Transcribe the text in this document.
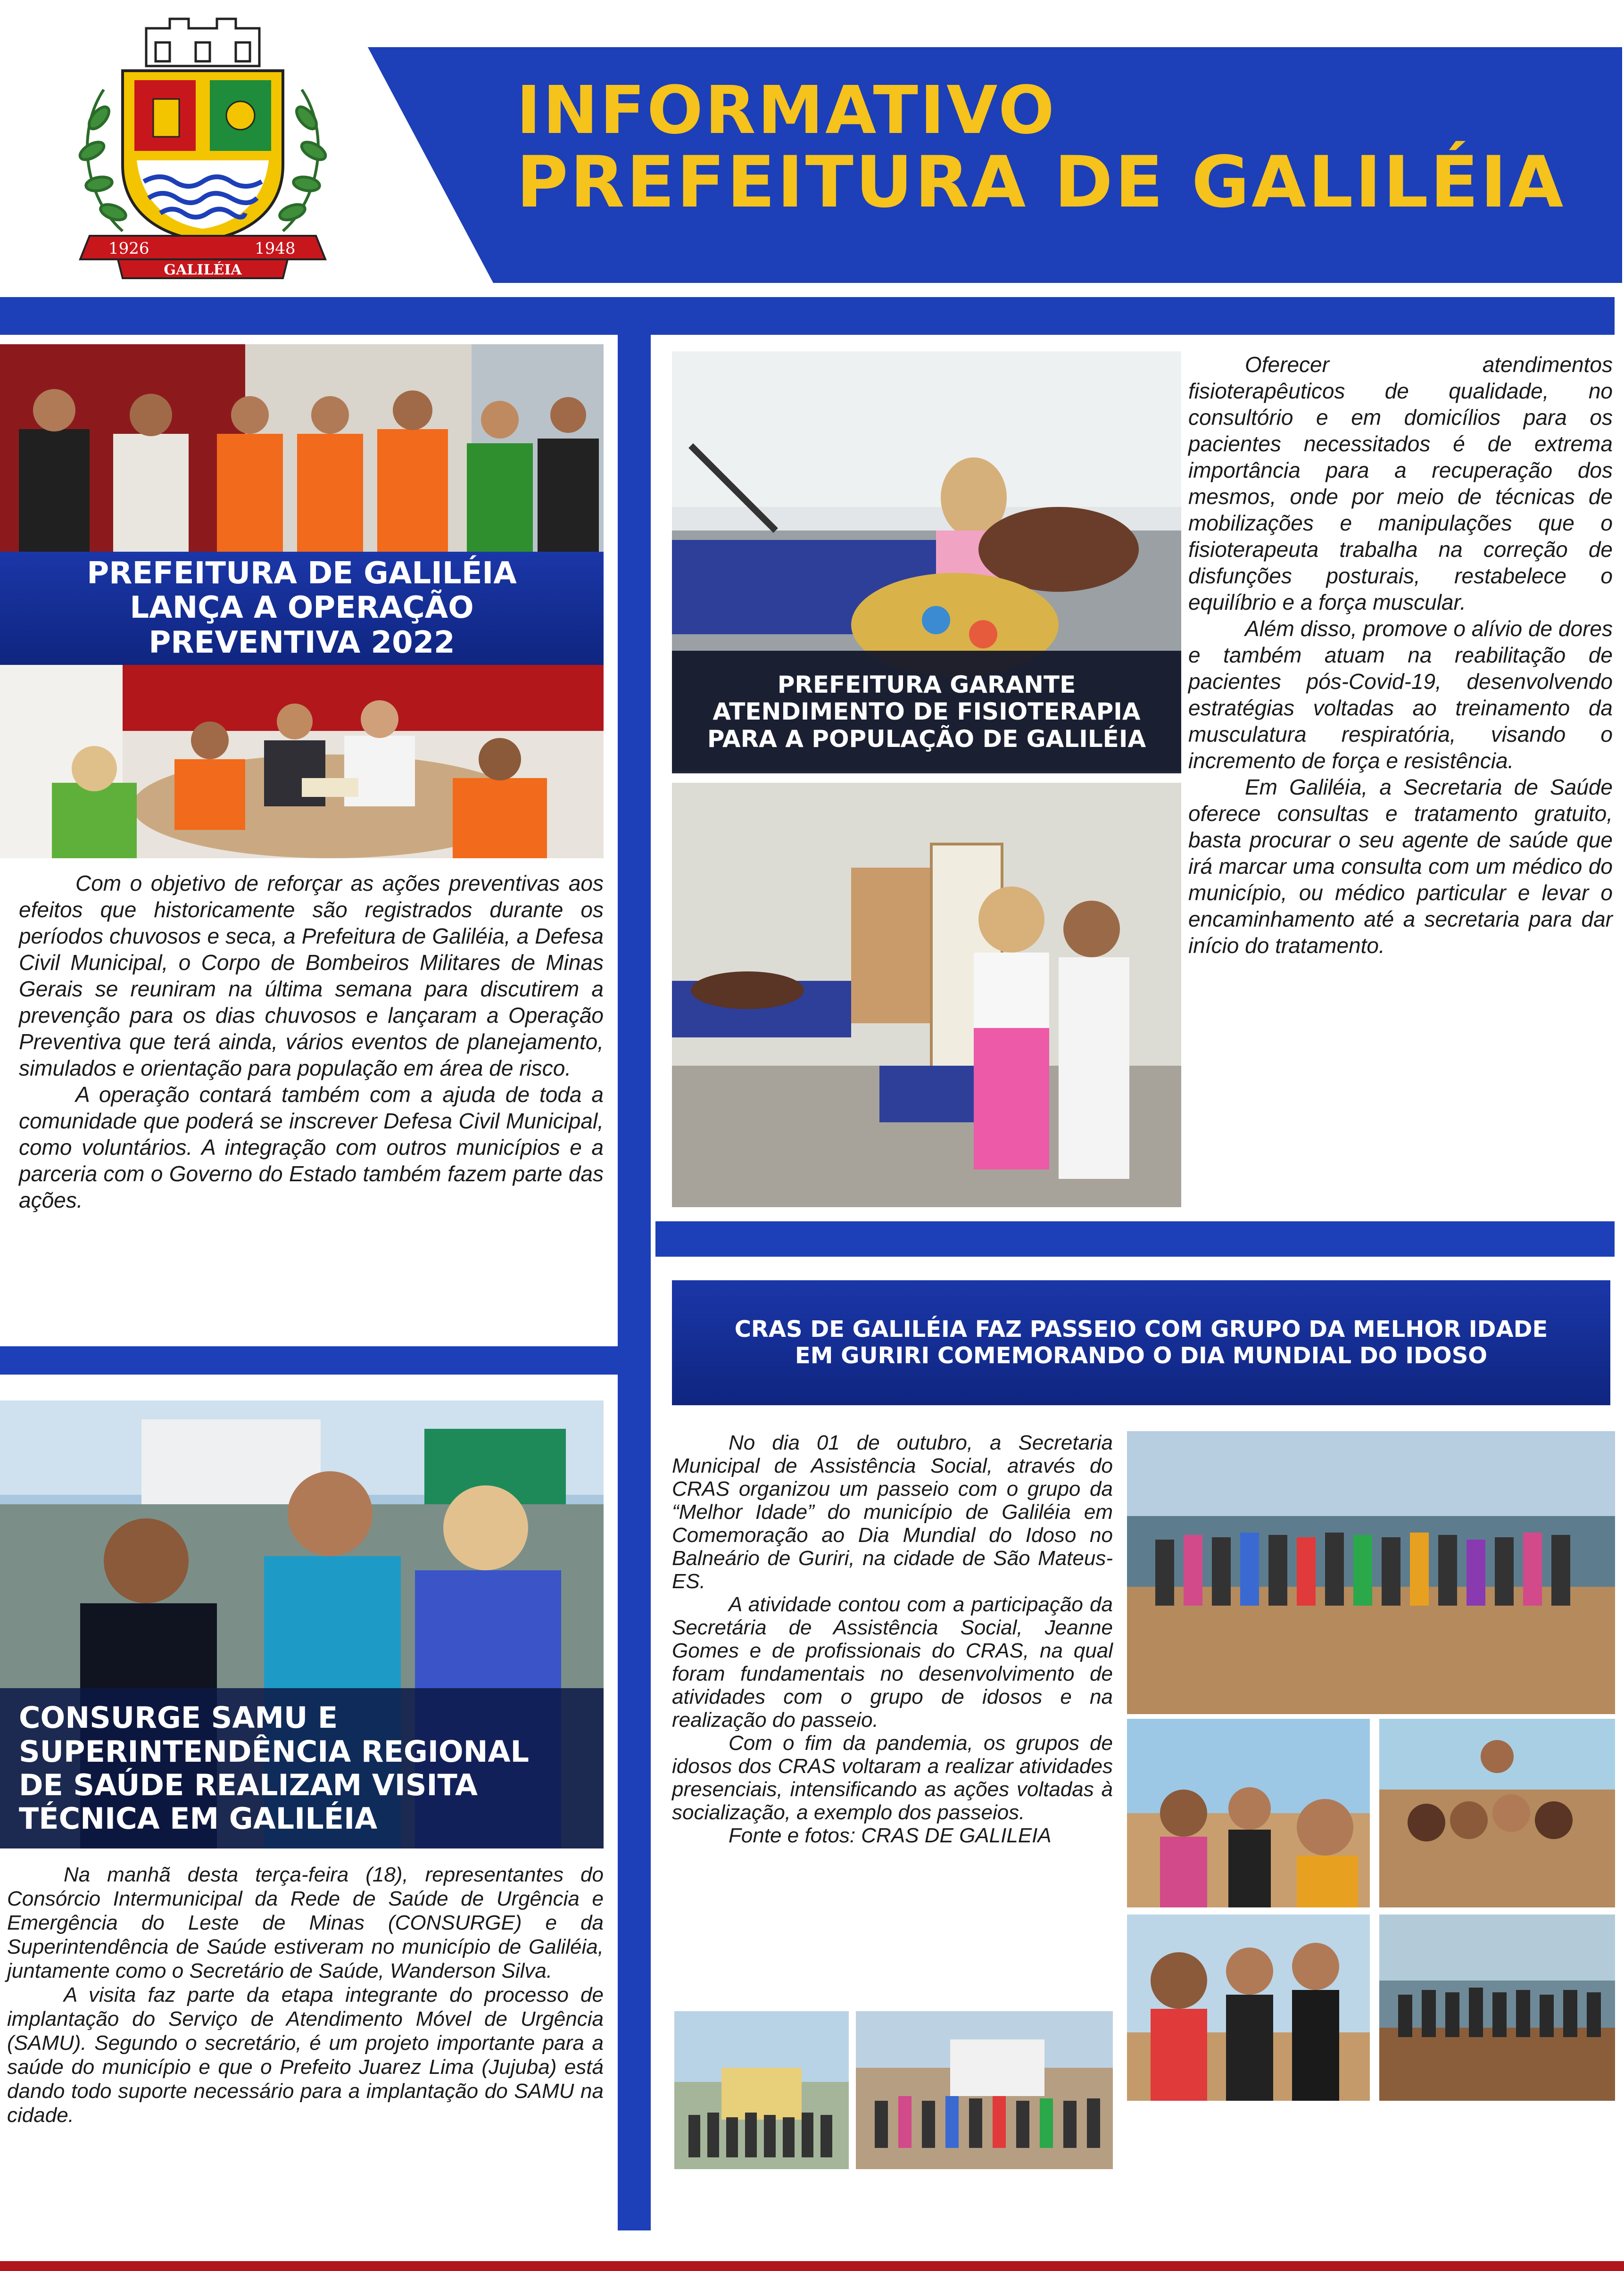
1926	1948
GALILÉIA
INFORMATIVO
PREFEITURA DE GALILÉIA
PREFEITURA DE GALILÉIA
LANÇA A OPERAÇÃO
PREVENTIVA 2022

Com o objetivo de reforçar as ações preventivas aos efeitos que historicamente são registrados durante os períodos chuvosos e seca, a Prefeitura de Galiléia, a Defesa Civil Municipal, o Corpo de Bombeiros Militares de Minas Gerais se reuniram na última semana para discutirem a prevenção para os dias chuvosos e lançaram a Operação Preventiva que terá ainda, vários eventos de planejamento, simulados e orientação para população em área de risco.

A operação contará também com a ajuda de toda a comunidade que poderá se inscrever Defesa Civil Municipal, como voluntários. A integração com outros municípios e a parceria com o Governo do Estado também fazem parte das ações.

PREFEITURA GARANTE
ATENDIMENTO DE FISIOTERAPIA
PARA A POPULAÇÃO DE GALILÉIA

Oferecer atendimentos fisioterapêuticos de qualidade, no consultório e em domicílios para os pacientes necessitados é de extrema importância para a recuperação dos mesmos, onde por meio de técnicas de mobilizações e manipulações que o fisioterapeuta trabalha na correção de disfunções posturais, restabelece o equilíbrio e a força muscular.

Além disso, promove o alívio de dores e também atuam na reabilitação de pacientes pós-Covid-19, desenvolvendo estratégias voltadas ao treinamento da musculatura respiratória, visando o incremento de força e resistência.

Em Galiléia, a Secretaria de Saúde oferece consultas e tratamento gratuito, basta procurar o seu agente de saúde que irá marcar uma consulta com um médico do município, ou médico particular e levar o encaminhamento até a secretaria para dar início do tratamento.

CONSURGE SAMU E
SUPERINTENDÊNCIA REGIONAL
DE SAÚDE REALIZAM VISITA
TÉCNICA EM GALILÉIA

Na manhã desta terça-feira (18), representantes do Consórcio Intermunicipal da Rede de Saúde de Urgência e Emergência do Leste de Minas (CONSURGE) e da Superintendência de Saúde estiveram no município de Galiléia, juntamente como o Secretário de Saúde, Wanderson Silva.

A visita faz parte da etapa integrante do processo de implantação do Serviço de Atendimento Móvel de Urgência (SAMU). Segundo o secretário, é um projeto importante para a saúde do município e que o Prefeito Juarez Lima (Jujuba) está dando todo suporte necessário para a implantação do SAMU na cidade.

CRAS DE GALILÉIA FAZ PASSEIO COM GRUPO DA MELHOR IDADE
EM GURIRI COMEMORANDO O DIA MUNDIAL DO IDOSO

No dia 01 de outubro, a Secretaria Municipal de Assistência Social, através do CRAS organizou um passeio com o grupo da “Melhor Idade” do município de Galiléia em Comemoração ao Dia Mundial do Idoso no Balneário de Guriri, na cidade de São Mateus-ES.

A atividade contou com a participação da Secretária de Assistência Social, Jeanne Gomes e de profissionais do CRAS, na qual foram fundamentais no desenvolvimento de atividades com o grupo de idosos e na realização do passeio.

Com o fim da pandemia, os grupos de idosos dos CRAS voltaram a realizar atividades presenciais, intensificando as ações voltadas à socialização, a exemplo dos passeios.

Fonte e fotos: CRAS DE GALILEIA
